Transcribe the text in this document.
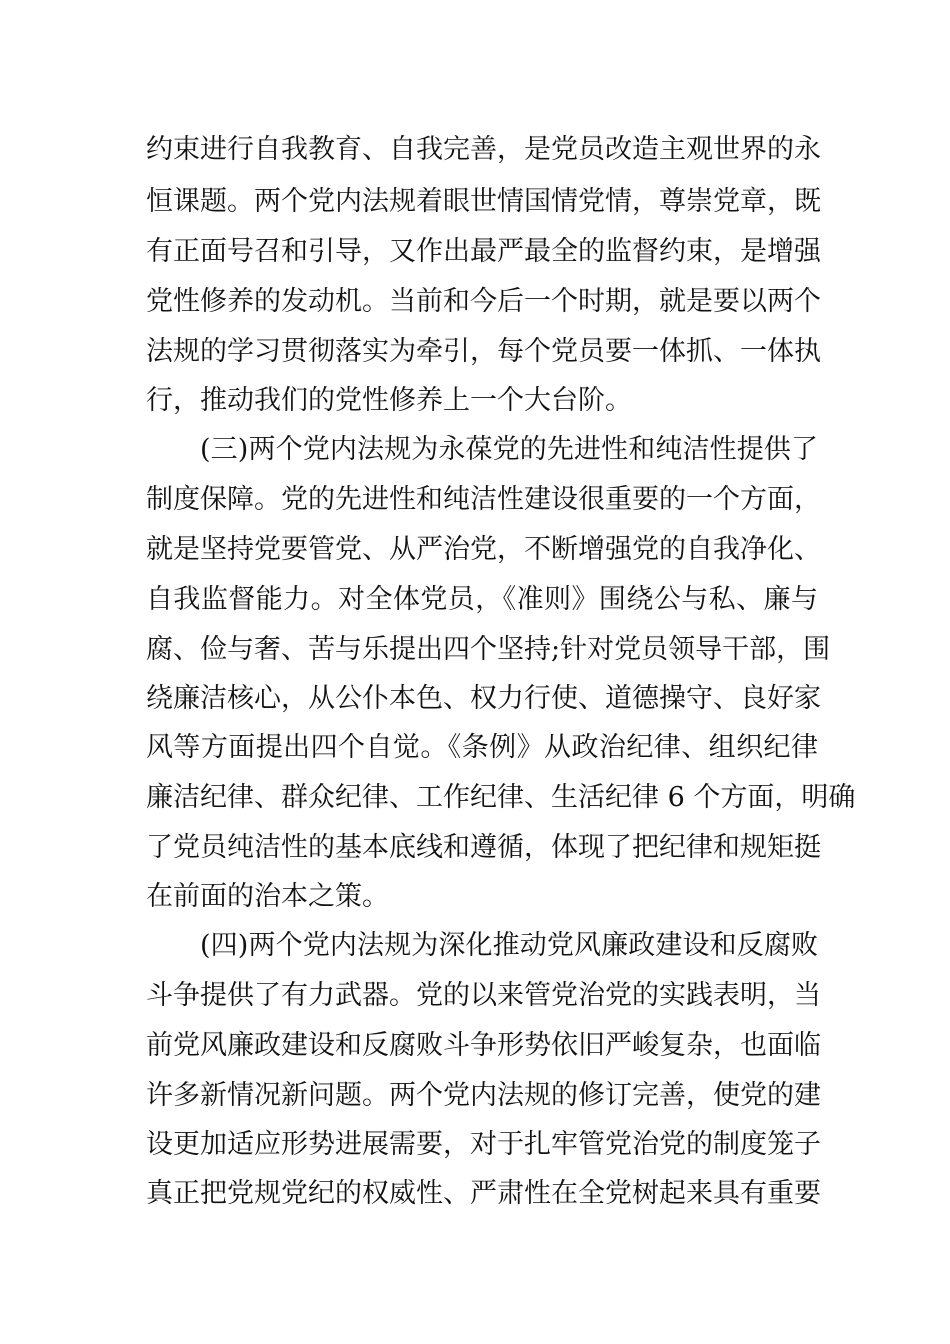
约束进行自我教育、自我完善，是党员改造主观世界的永
恒课题。两个党内法规着眼世情国情党情，尊崇党章，既
有正面号召和引导，又作出最严最全的监督约束，是增强
党性修养的发动机。当前和今后一个时期，就是要以两个
法规的学习贯彻落实为牵引，每个党员要一体抓、一体执
行，推动我们的党性修养上一个大台阶。
(三)两个党内法规为永葆党的先进性和纯洁性提供了
制度保障。党的先进性和纯洁性建设很重要的一个方面，
就是坚持党要管党、从严治党，不断增强党的自我净化、
自我监督能力。对全体党员，《准则》围绕公与私、廉与
腐、俭与奢、苦与乐提出四个坚持;针对党员领导干部，围
绕廉洁核心，从公仆本色、权力行使、道德操守、良好家
风等方面提出四个自觉。《条例》从政治纪律、组织纪律
廉洁纪律、群众纪律、工作纪律、生活纪律 6 个方面，明确
了党员纯洁性的基本底线和遵循，体现了把纪律和规矩挺
在前面的治本之策。
(四)两个党内法规为深化推动党风廉政建设和反腐败
斗争提供了有力武器。党的以来管党治党的实践表明，当
前党风廉政建设和反腐败斗争形势依旧严峻复杂，也面临
许多新情况新问题。两个党内法规的修订完善，使党的建
设更加适应形势进展需要，对于扎牢管党治党的制度笼子
真正把党规党纪的权威性、严肃性在全党树起来具有重要
